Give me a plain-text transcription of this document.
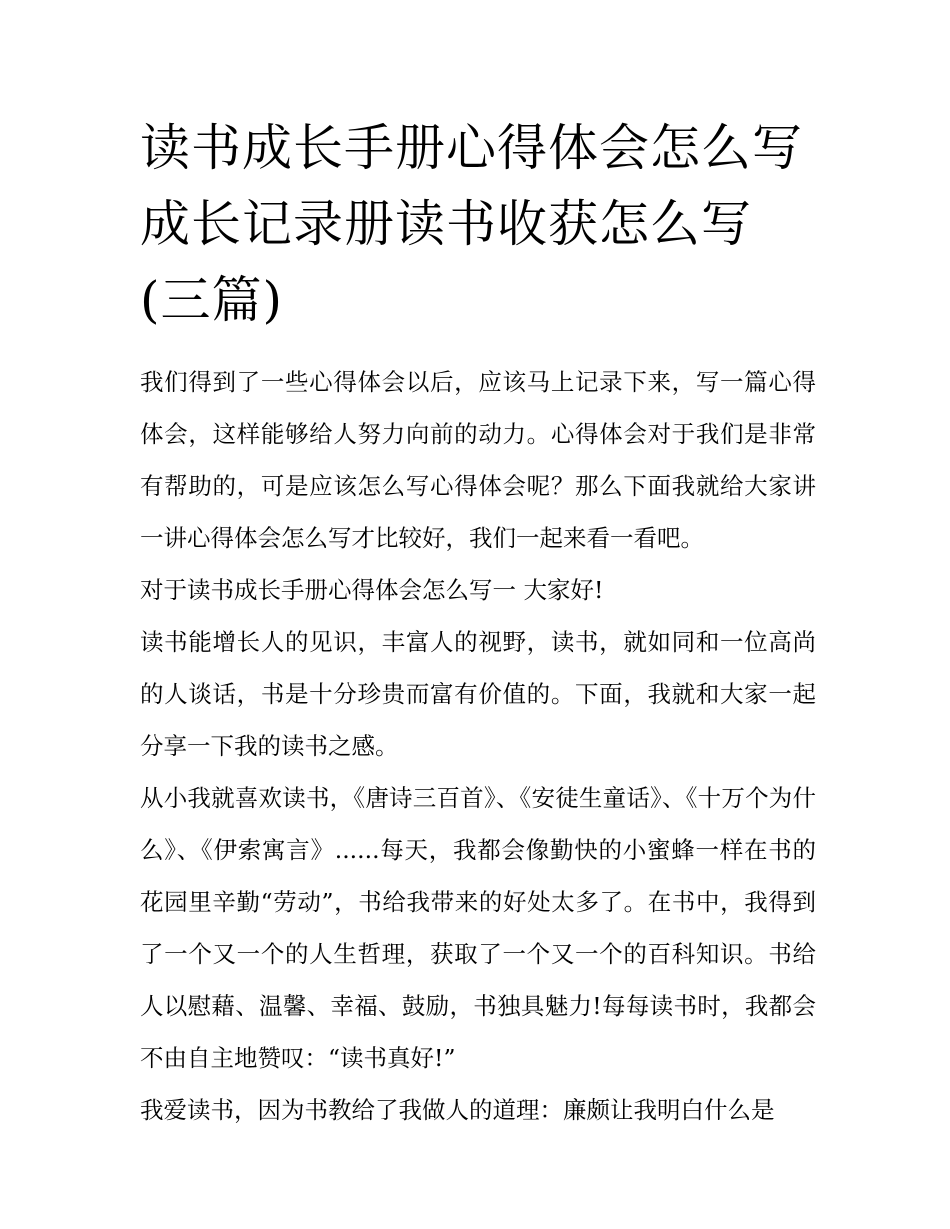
读书成长手册心得体会怎么写成长记录册读书收获怎么写(三篇)

我们得到了一些心得体会以后，应该马上记录下来，写一篇心得体会，这样能够给人努力向前的动力。心得体会对于我们是非常有帮助的，可是应该怎么写心得体会呢？那么下面我就给大家讲一讲心得体会怎么写才比较好，我们一起来看一看吧。

对于读书成长手册心得体会怎么写一 大家好!

读书能增长人的见识，丰富人的视野，读书，就如同和一位高尚的人谈话，书是十分珍贵而富有价值的。下面，我就和大家一起分享一下我的读书之感。

从小我就喜欢读书，《唐诗三百首》、《安徒生童话》、《十万个为什么》、《伊索寓言》......每天，我都会像勤快的小蜜蜂一样在书的花园里辛勤“劳动”，书给我带来的好处太多了。在书中，我得到了一个又一个的人生哲理，获取了一个又一个的百科知识。书给人以慰藉、温馨、幸福、鼓励，书独具魅力!每每读书时，我都会不由自主地赞叹：“读书真好!”

我爱读书，因为书教给了我做人的道理：廉颇让我明白什么是
